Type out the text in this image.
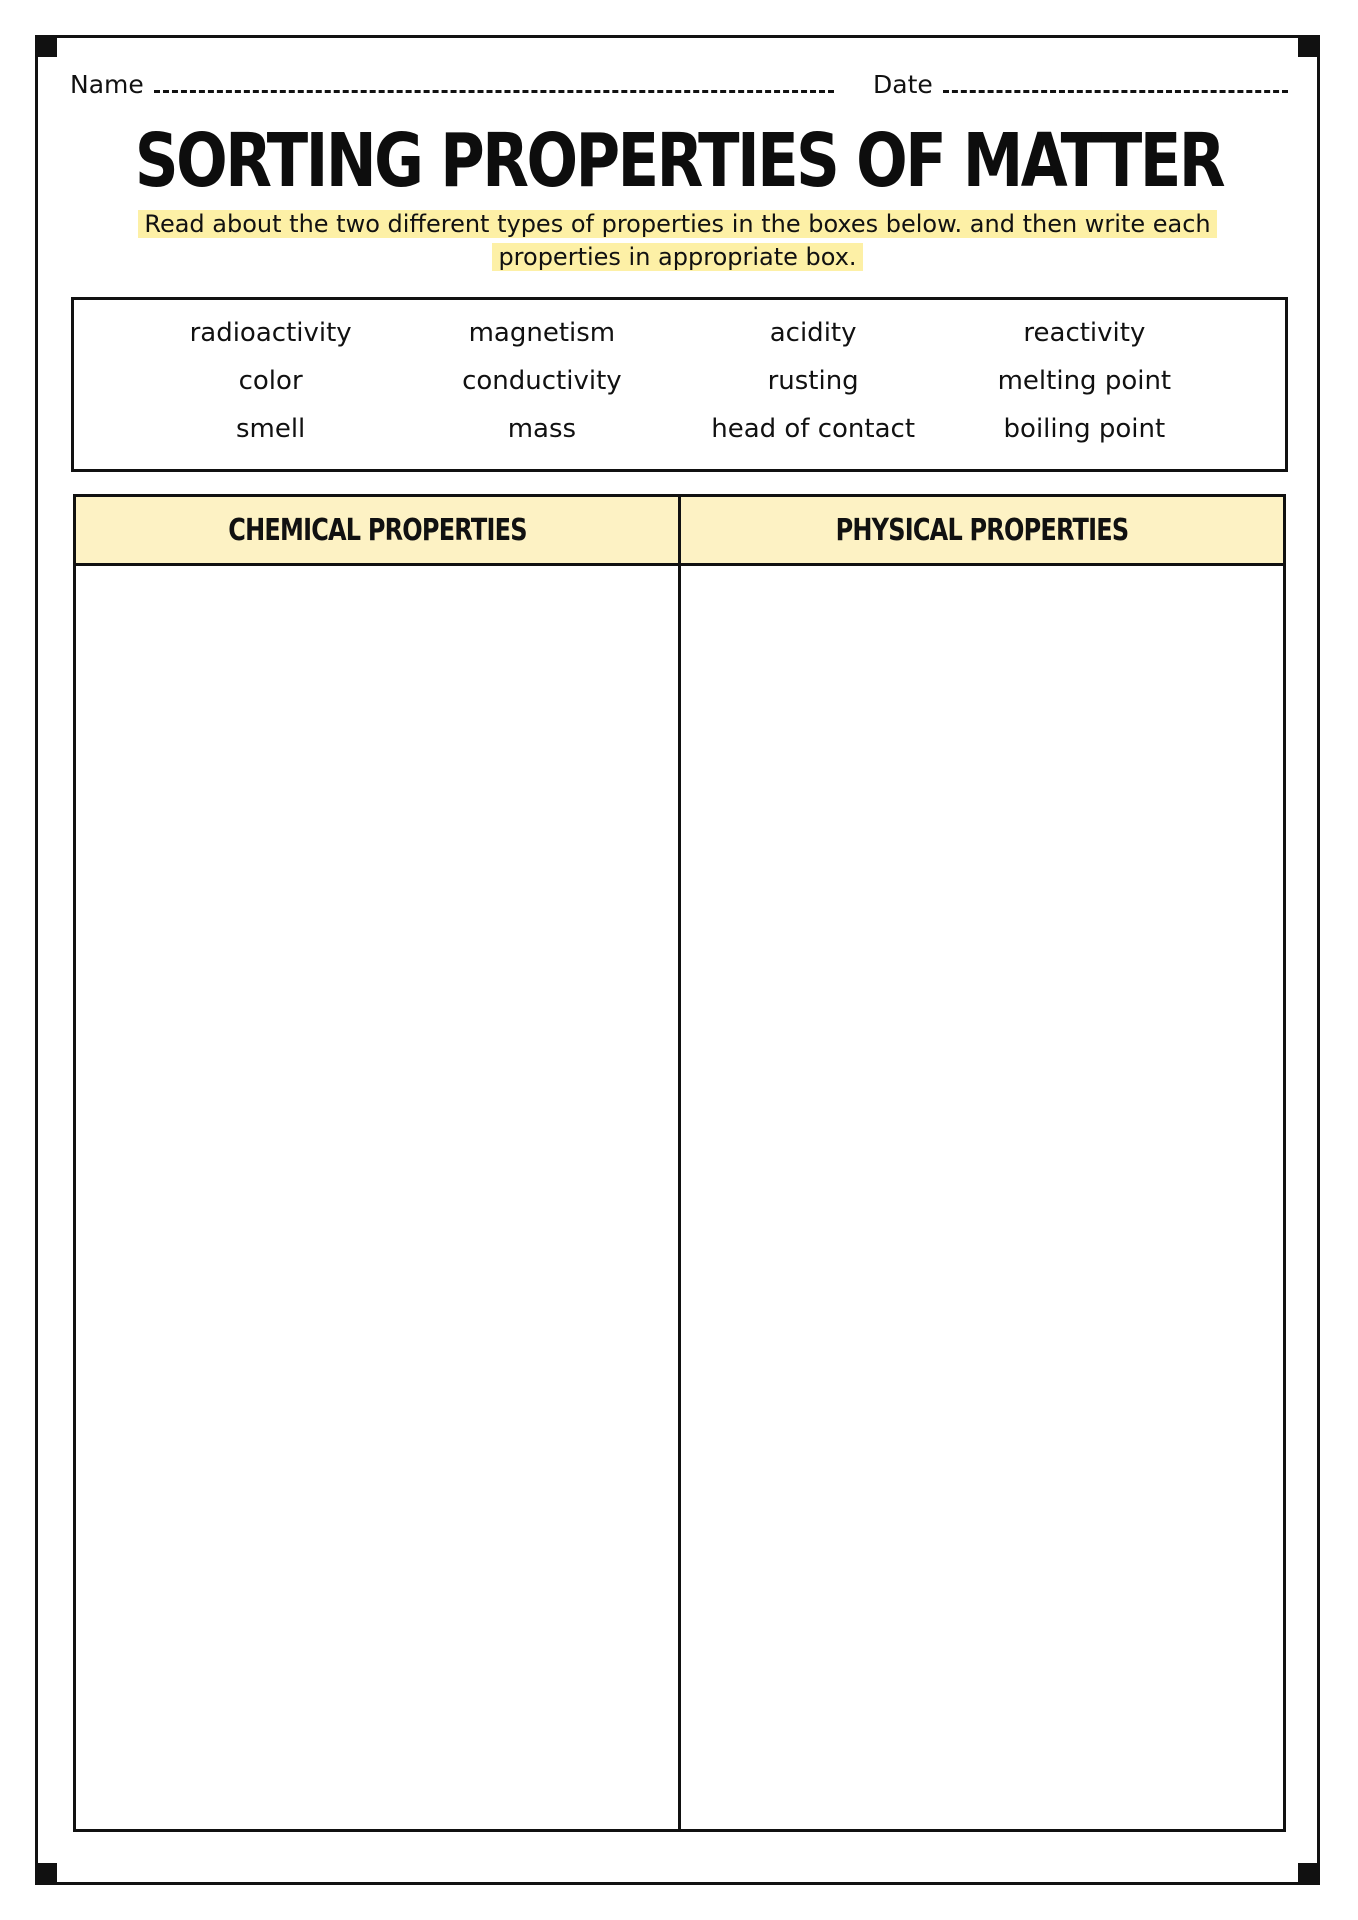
Name	Date
SORTING PROPERTIES OF MATTER
Read about the two different types of properties in the boxes below. and then write each
properties in appropriate box.
radioactivity	magnetism	acidity	reactivity
color	conductivity	rusting	melting point
smell	mass	head of contact	boiling point
CHEMICAL PROPERTIES	PHYSICAL PROPERTIES
